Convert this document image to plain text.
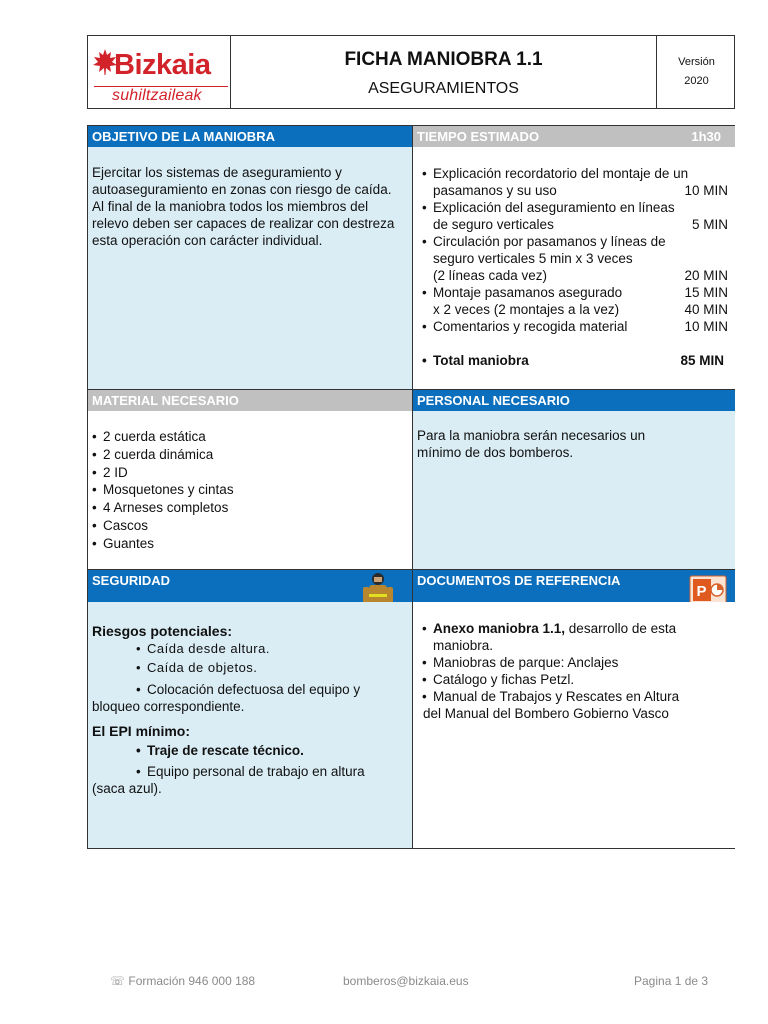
Bizkaia
suhiltzaileak
FICHA MANIOBRA 1.1
ASEGURAMIENTOS
Versión
2020
OBJETIVO DE LA MANIOBRA	TIEMPO ESTIMADO	1h30
Ejercitar los sistemas de aseguramiento y autoaseguramiento en zonas con riesgo de caída.
Al final de la maniobra todos los miembros del relevo deben ser capaces de realizar con destreza esta operación con carácter individual.
• Explicación recordatorio del montaje de un
pasamanos y su uso	10 MIN
• Explicación del aseguramiento en líneas
de seguro verticales	5 MIN
• Circulación por pasamanos y líneas de
seguro verticales 5 min x 3 veces
(2 líneas cada vez)	20 MIN
• Montaje pasamanos asegurado	15 MIN
x 2 veces (2 montajes a la vez)	40 MIN
• Comentarios y recogida material	10 MIN
• Total maniobra	85 MIN
MATERIAL NECESARIO	PERSONAL NECESARIO
• 2 cuerda estática
• 2 cuerda dinámica
• 2 ID
• Mosquetones y cintas
• 4 Arneses completos
• Cascos
• Guantes
Para la maniobra serán necesarios un mínimo de dos bomberos.
SEGURIDAD	DOCUMENTOS DE REFERENCIA
P
Riesgos potenciales:
• Caída desde altura.
• Caída de objetos.
• Colocación defectuosa del equipo y
bloqueo correspondiente.
El EPI mínimo:
• Traje de rescate técnico.
• Equipo personal de trabajo en altura
(saca azul).
• Anexo maniobra 1.1, desarrollo de esta
maniobra.
• Maniobras de parque: Anclajes
• Catálogo y fichas Petzl.
• Manual de Trabajos y Rescates en Altura
del Manual del Bombero Gobierno Vasco
☏ Formación 946 000 188	bomberos@bizkaia.eus	Pagina 1 de 3
